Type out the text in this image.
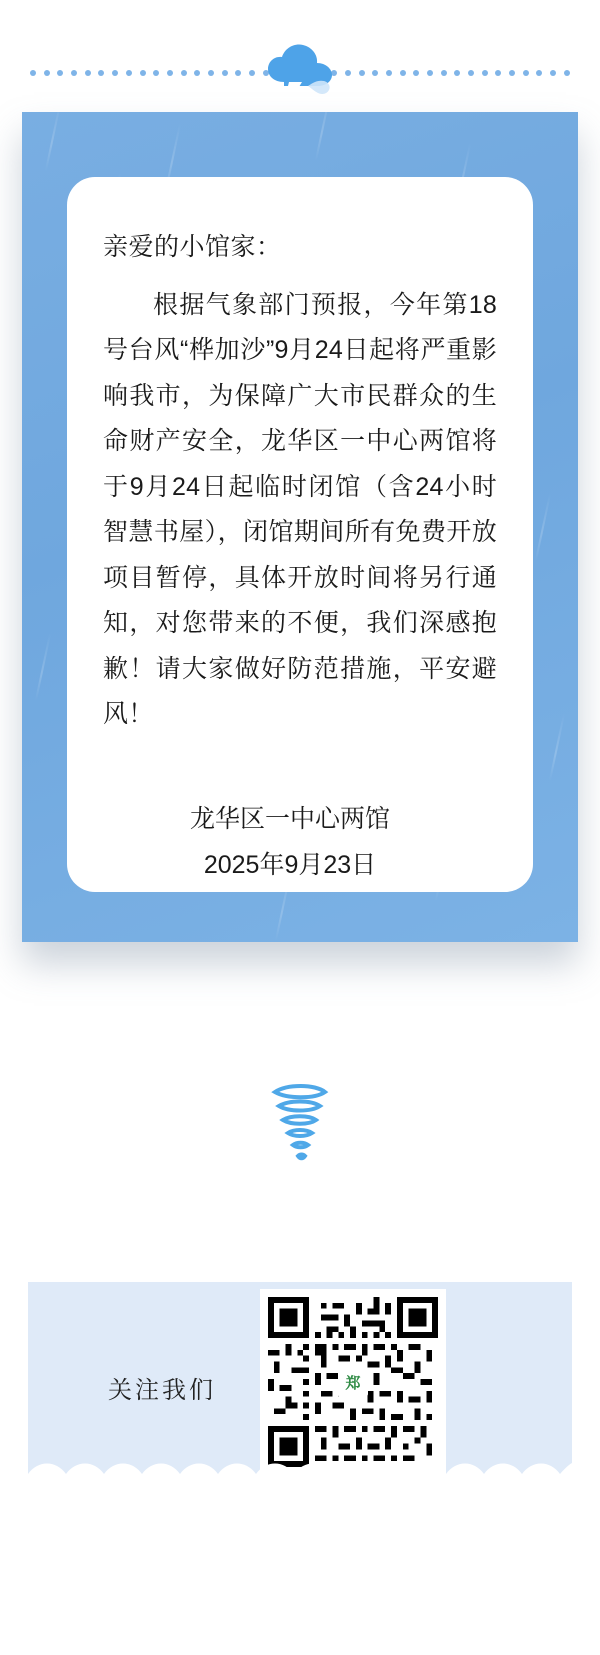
亲爱的小馆家：
根据气象部门预报，今年第18号台风“桦加沙”9月24日起将严重影响我市，为保障广大市民群众的生命财产安全，龙华区一中心两馆将于9月24日起临时闭馆（含24小时智慧书屋），闭馆期间所有免费开放项目暂停，具体开放时间将另行通知，对您带来的不便，我们深感抱歉！请大家做好防范措施，平安避风！
龙华区一中心两馆
2025年9月23日
关注我们	郑
